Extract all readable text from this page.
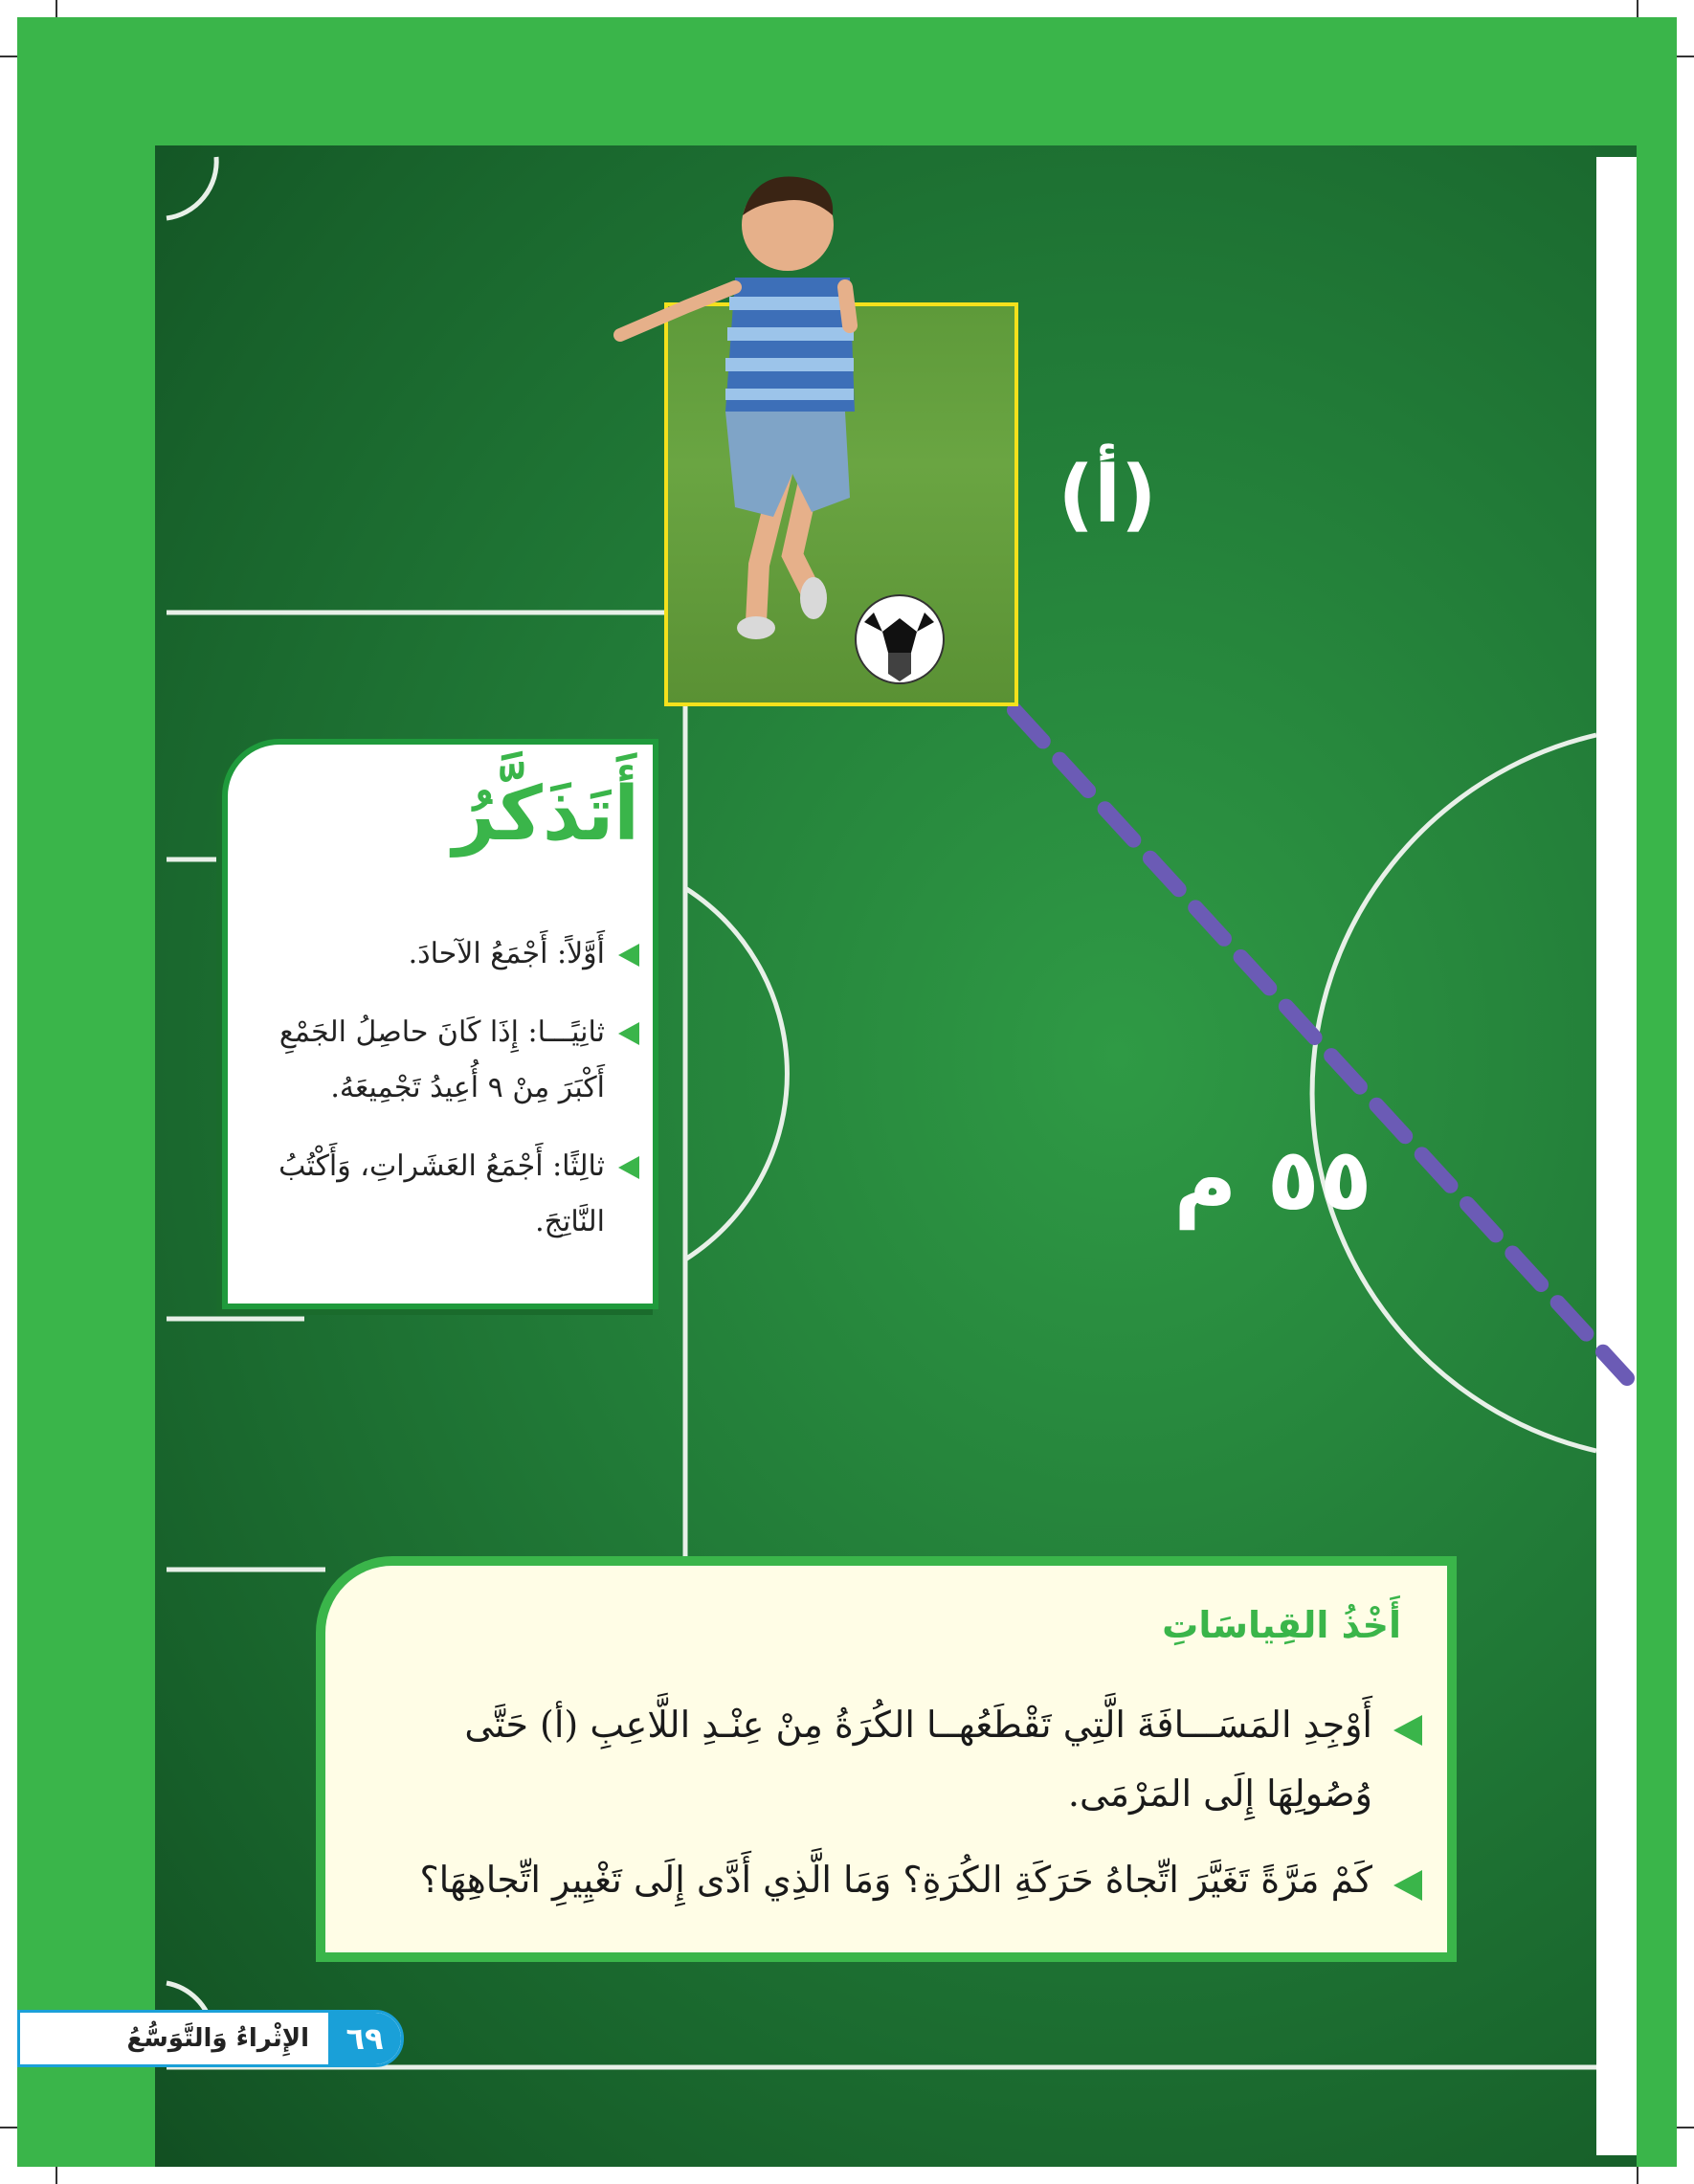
(أ)
٥٥ م
أَتَذَكَّرُ
أَوَّلاً: أَجْمَعُ الآحادَ.
ثانِيًـــا: إِذَا كَانَ حاصِلُ الجَمْعِ أَكْبَرَ مِنْ ٩ أُعِيدُ تَجْمِيعَهُ.
ثالِثًا: أَجْمَعُ العَشَراتِ، وَأَكْتُبُ النَّاتِجَ.
أَخْذُ القِياسَاتِ
أَوْجِدِ المَسَـــافَةَ الَّتِي تَقْطَعُهــا الكُرَةُ مِنْ عِنْـدِ اللَّاعِبِ (أ) حَتَّى وُصُولِهَا إِلَى المَرْمَى.
كَمْ مَرَّةً تَغَيَّرَ اتِّجاهُ حَرَكَةِ الكُرَةِ؟ وَمَا الَّذِي أَدَّى إِلَى تَغْيِيرِ اتِّجاهِهَا؟
٦٩
الإِثْراءُ وَالتَّوَسُّعُ
